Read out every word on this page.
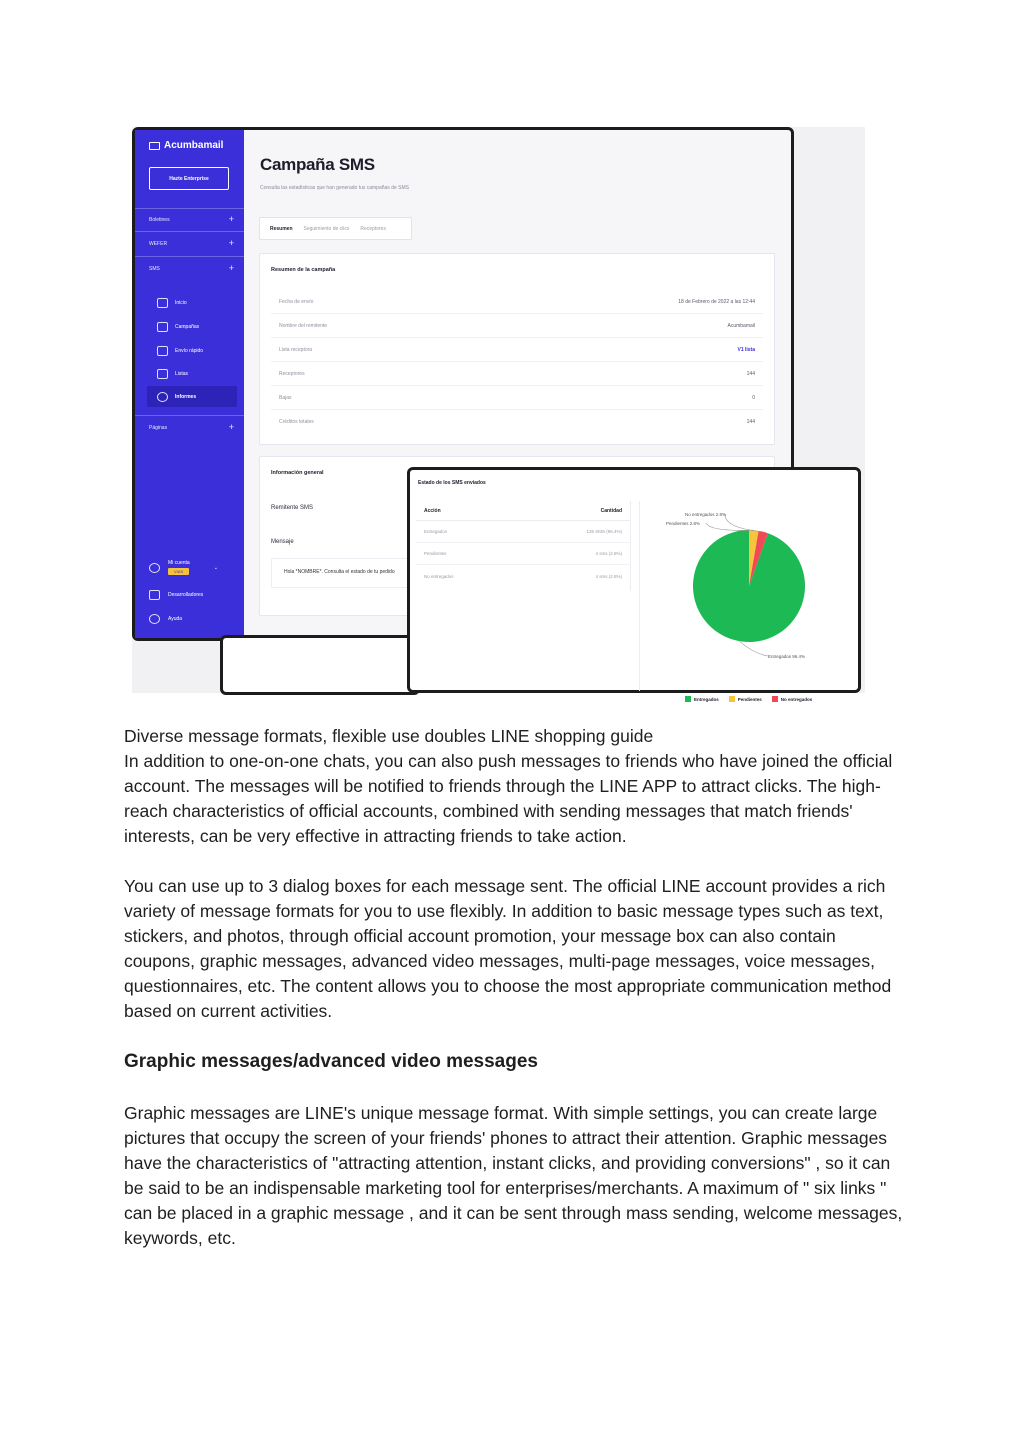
Acumbamail
Hazte Enterprise
Boletines	+
WEFER	+
SMS	+
Inicio
Campañas
Envío rápido
Listas
Informes
Páginas	+
Mi cuenta
VIAS
⌄
Desarrolladores
Ayuda
Campaña SMS
Consulta las estadísticas que han generado tus campañas de SMS
Resumen Seguimiento de clics Receptores
Resumen de la campaña
Fecha de envío	18 de Febrero de 2022 a las 12:44
Nombre del remitente	Acumbamail
Lista receptora	V1 lista
Receptores	144
Bajas	0
Créditos totales	144
Información general
Remitente SMS
Mensaje
Hola *NOMBRE*. Consulta el estado de tu pedido
Estado de los SMS enviados
Acción	Cantidad
Entregados	135 SMS (96.4%)
Pendientes	4 sms (2.8%)
No entregados	4 sms (2.8%)
Entregados 96.4%
Pendientes 2.8%
No entregados 2.8%
Entregados	Pendientes	No entregados
Diverse message formats, flexible use doubles LINE shopping guide
In addition to one-on-one chats, you can also push messages to friends who have joined the official account. The messages will be notified to friends through the LINE APP to attract clicks. The high-reach characteristics of official accounts, combined with sending messages that match friends' interests, can be very effective in attracting friends to take action.
You can use up to 3 dialog boxes for each message sent. The official LINE account provides a rich variety of message formats for you to use flexibly. In addition to basic message types such as text, stickers, and photos, through official account promotion, your message box can also contain coupons, graphic messages, advanced video messages, multi-page messages, voice messages, questionnaires, etc. The content allows you to choose the most appropriate communication method based on current activities.
Graphic messages/advanced video messages
Graphic messages are LINE's unique message format. With simple settings, you can create large pictures that occupy the screen of your friends' phones to attract their attention. Graphic messages have the characteristics of "attracting attention, instant clicks, and providing conversions" , so it can be said to be an indispensable marketing tool for enterprises/merchants. A maximum of " six links " can be placed in a graphic message , and it can be sent through mass sending, welcome messages, keywords, etc.
